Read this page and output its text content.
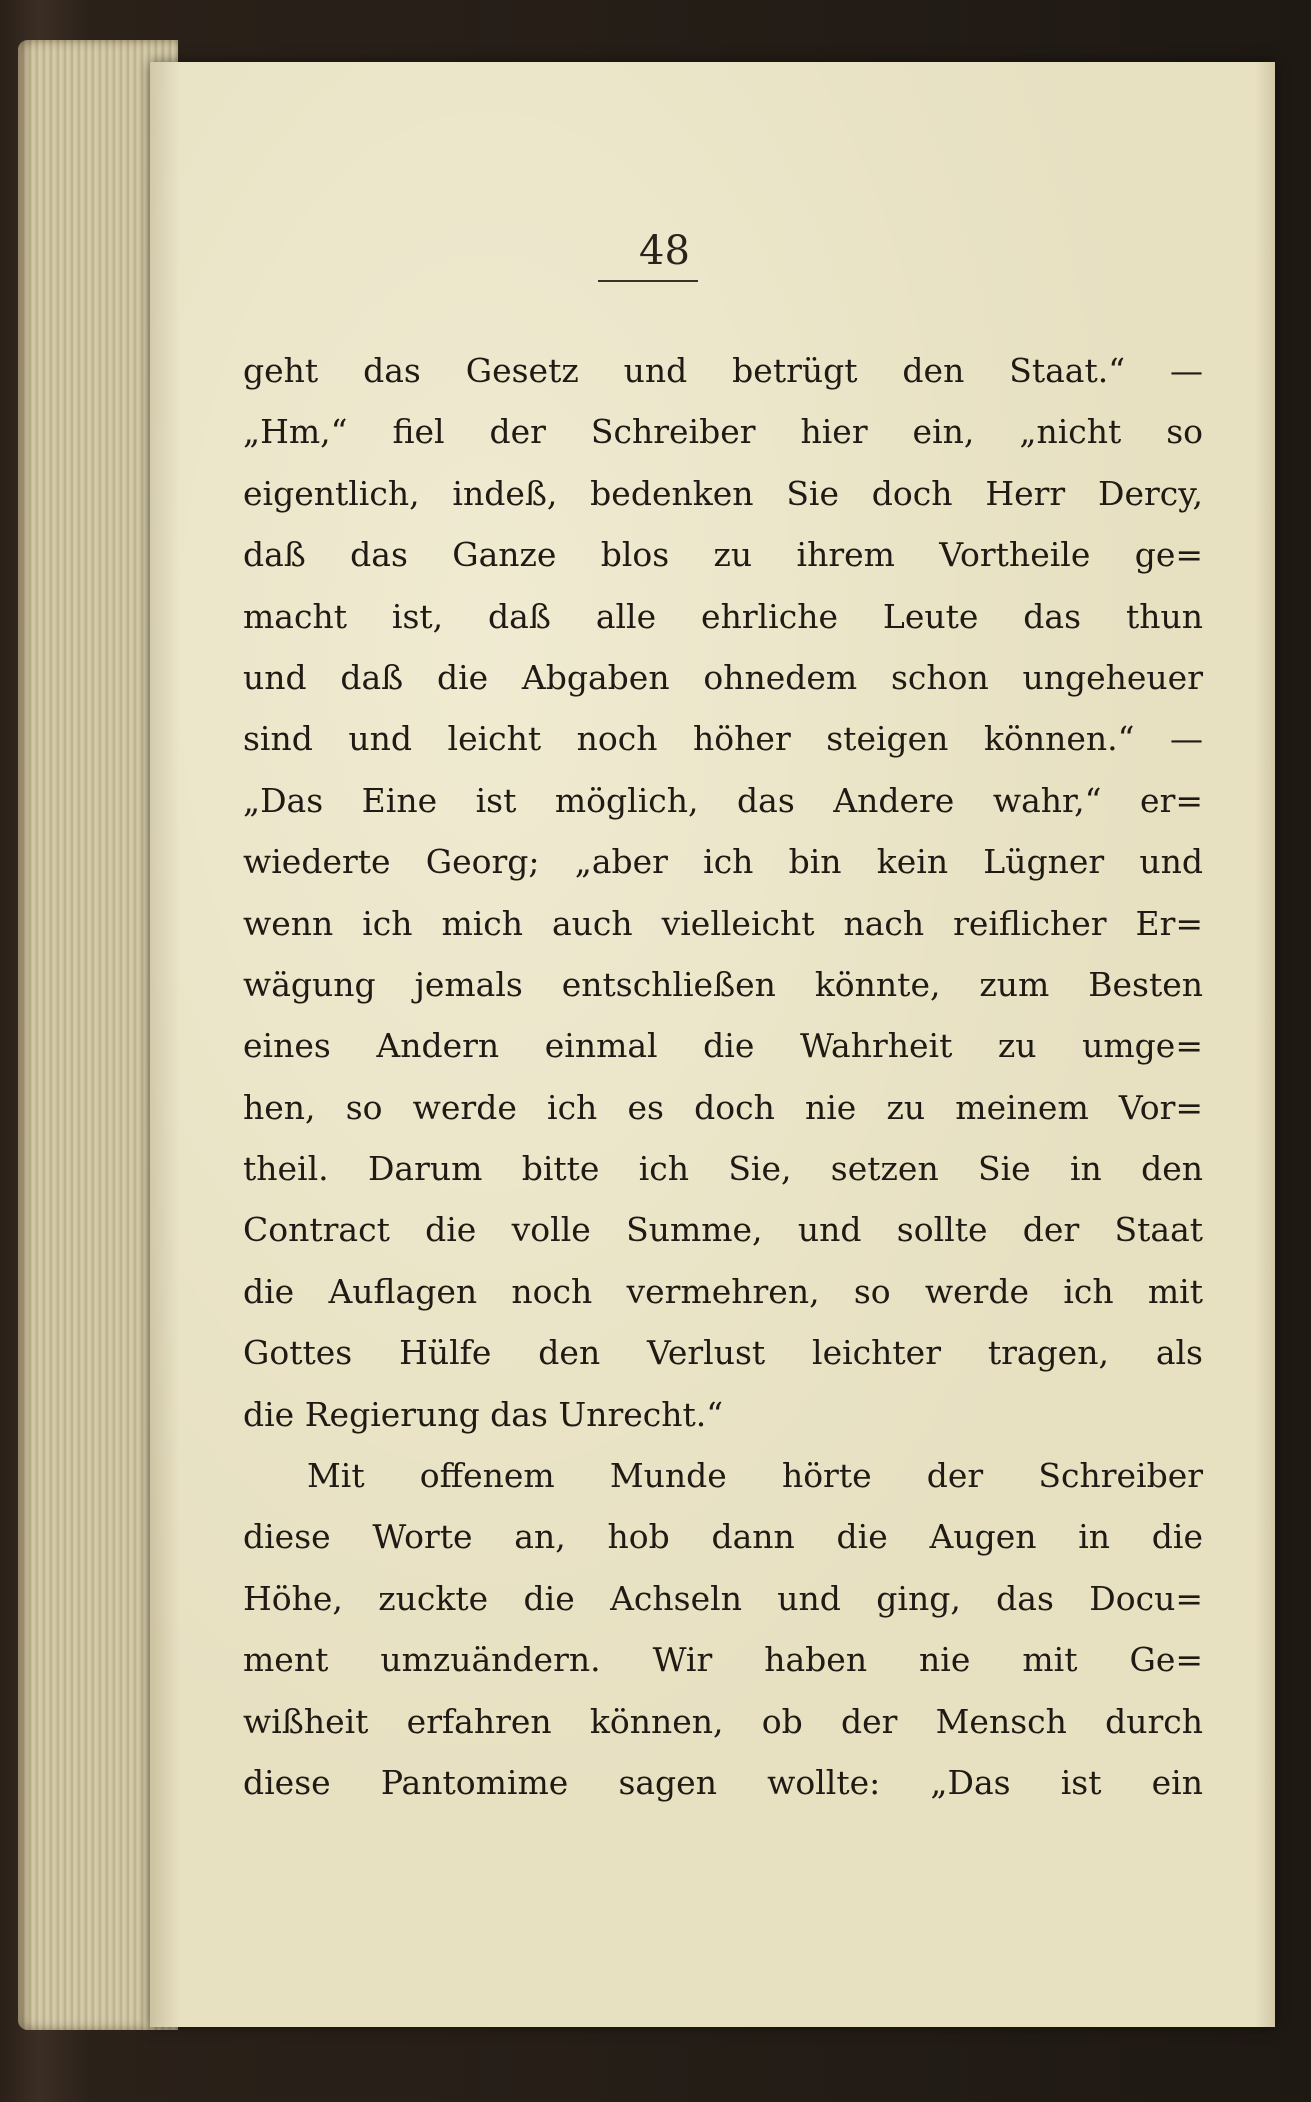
48
geht das Gesetz und betrügt den Staat.“ —
„Hm,“ fiel der Schreiber hier ein, „nicht so
eigentlich, indeß, bedenken Sie doch Herr Dercy,
daß das Ganze blos zu ihrem Vortheile ge=
macht ist, daß alle ehrliche Leute das thun
und daß die Abgaben ohnedem schon ungeheuer
sind und leicht noch höher steigen können.“ —
„Das Eine ist möglich, das Andere wahr,“ er=
wiederte Georg; „aber ich bin kein Lügner und
wenn ich mich auch vielleicht nach reiflicher Er=
wägung jemals entschließen könnte, zum Besten
eines Andern einmal die Wahrheit zu umge=
hen, so werde ich es doch nie zu meinem Vor=
theil. Darum bitte ich Sie, setzen Sie in den
Contract die volle Summe, und sollte der Staat
die Auflagen noch vermehren, so werde ich mit
Gottes Hülfe den Verlust leichter tragen, als
die Regierung das Unrecht.“
Mit offenem Munde hörte der Schreiber
diese Worte an, hob dann die Augen in die
Höhe, zuckte die Achseln und ging, das Docu=
ment umzuändern. Wir haben nie mit Ge=
wißheit erfahren können, ob der Mensch durch
diese Pantomime sagen wollte: „Das ist ein
